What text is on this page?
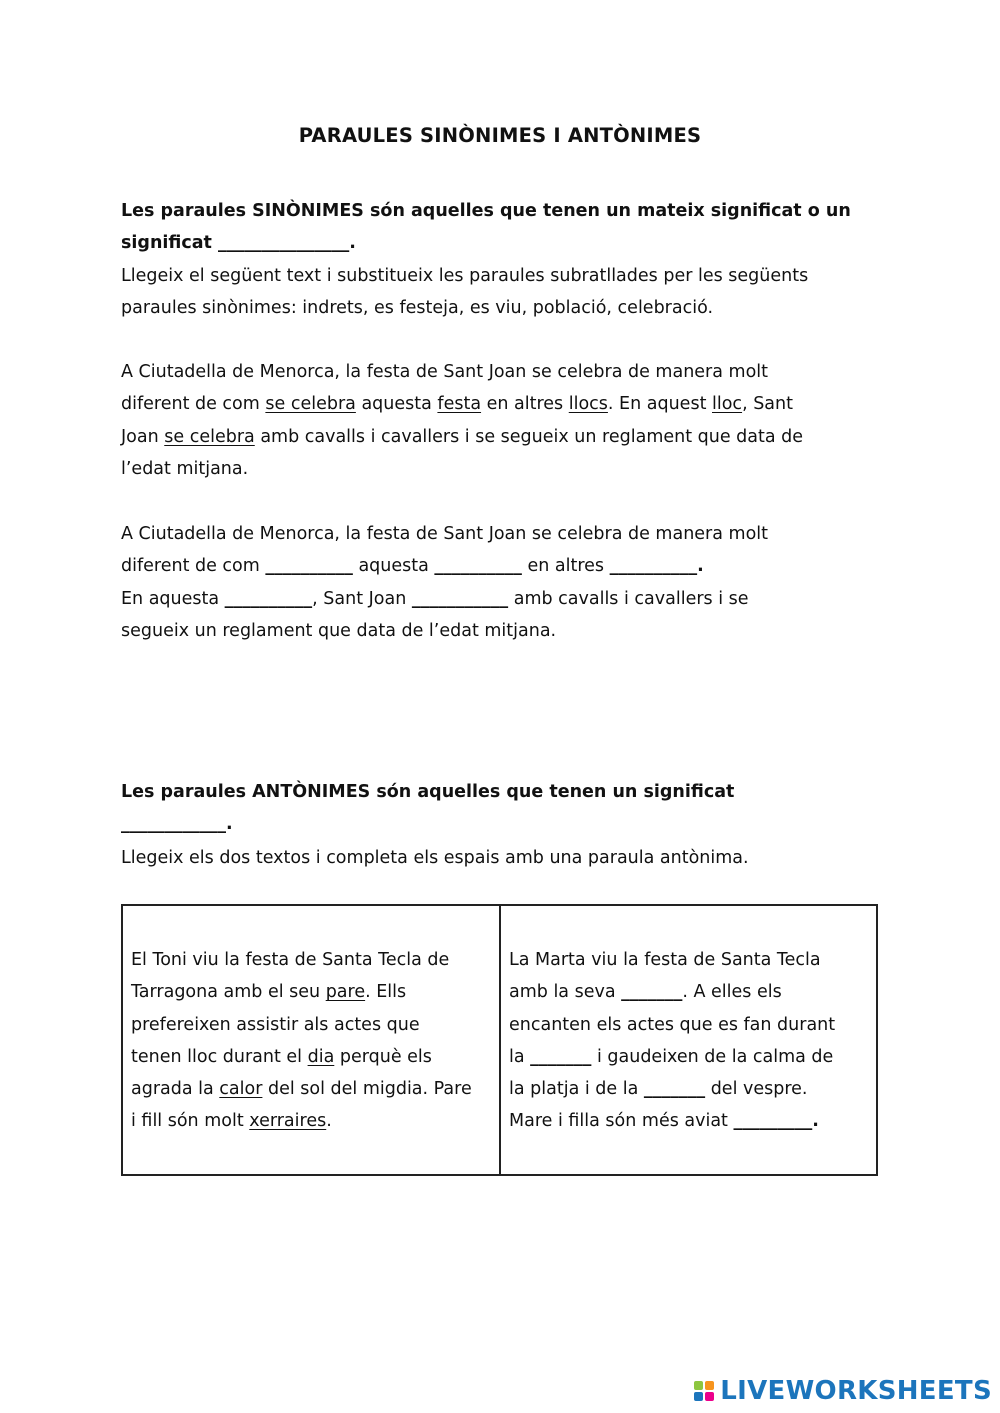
PARAULES SINÒNIMES I ANTÒNIMES
Les paraules SINÒNIMES són aquelles que tenen un mateix significat o un
significat _______________.
Llegeix el següent text i substitueix les paraules subratllades per les següents
paraules sinònimes: indrets, es festeja, es viu, població, celebració.
A Ciutadella de Menorca, la festa de Sant Joan se celebra de manera molt
diferent de com se celebra aquesta festa en altres llocs. En aquest lloc, Sant
Joan se celebra amb cavalls i cavallers i se segueix un reglament que data de
l’edat mitjana.
A Ciutadella de Menorca, la festa de Sant Joan se celebra de manera molt
diferent de com __________ aquesta __________ en altres __________.
En aquesta __________, Sant Joan ___________ amb cavalls i cavallers i se
segueix un reglament que data de l’edat mitjana.
Les paraules ANTÒNIMES són aquelles que tenen un significat
____________.
Llegeix els dos textos i completa els espais amb una paraula antònima.
El Toni viu la festa de Santa Tecla de
Tarragona amb el seu pare. Ells
prefereixen assistir als actes que
tenen lloc durant el dia perquè els
agrada la calor del sol del migdia. Pare
i fill són molt xerraires.
La Marta viu la festa de Santa Tecla
amb la seva _______. A elles els
encanten els actes que es fan durant
la _______ i gaudeixen de la calma de
la platja i de la _______ del vespre.
Mare i filla són més aviat _________.
LIVEWORKSHEETS
